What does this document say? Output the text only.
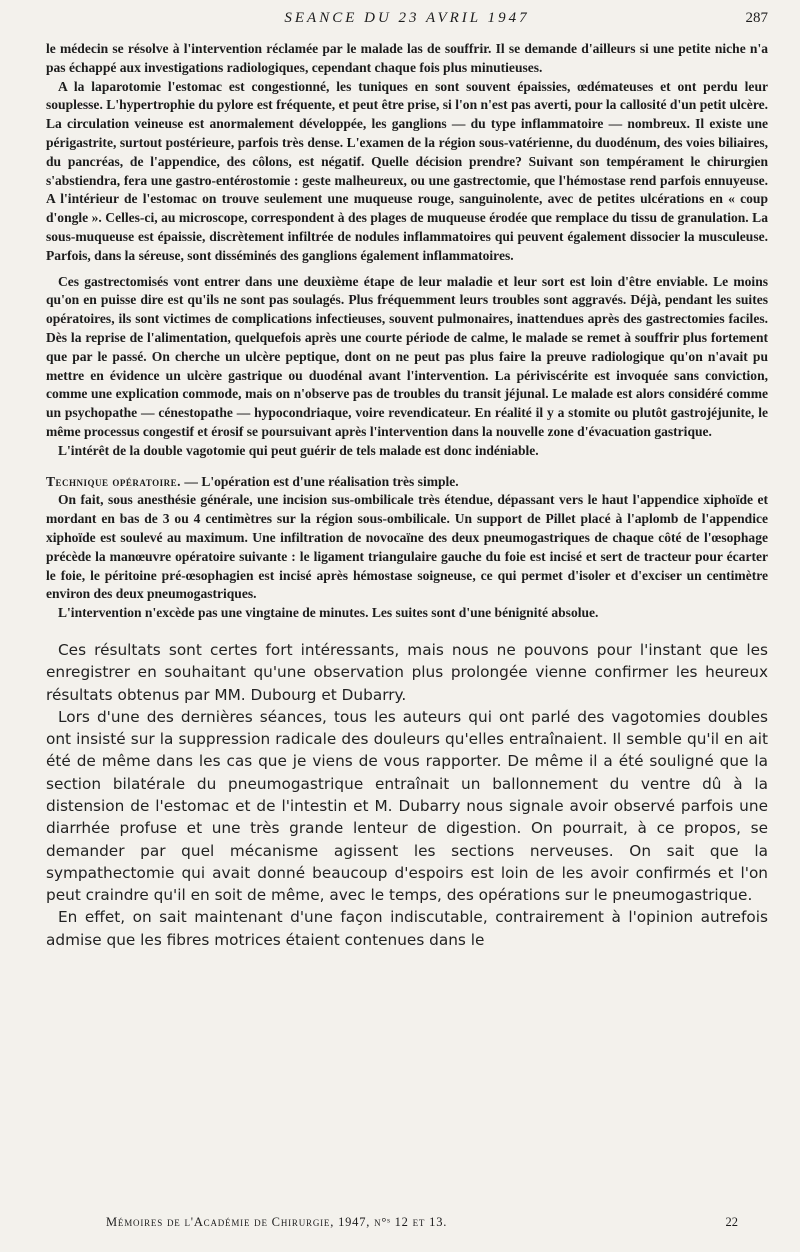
SEANCE DU 23 AVRIL 1947	287

le médecin se résolve à l'intervention réclamée par le malade las de souffrir. Il se demande d'ailleurs si une petite niche n'a pas échappé aux investigations radiologiques, cependant chaque fois plus minutieuses.

A la laparotomie l'estomac est congestionné, les tuniques en sont souvent épaissies, œdémateuses et ont perdu leur souplesse. L'hypertrophie du pylore est fréquente, et peut être prise, si l'on n'est pas averti, pour la callosité d'un petit ulcère. La circulation veineuse est anormalement développée, les ganglions — du type inflammatoire — nombreux. Il existe une périgastrite, surtout postérieure, parfois très dense. L'examen de la région sous-vatérienne, du duodénum, des voies biliaires, du pancréas, de l'appendice, des côlons, est négatif. Quelle décision prendre? Suivant son tempérament le chirurgien s'abstiendra, fera une gastro-entérostomie : geste malheureux, ou une gastrectomie, que l'hémostase rend parfois ennuyeuse. A l'intérieur de l'estomac on trouve seulement une muqueuse rouge, sanguinolente, avec de petites ulcérations en « coup d'ongle ». Celles-ci, au microscope, correspondent à des plages de muqueuse érodée que remplace du tissu de granulation. La sous-muqueuse est épaissie, discrètement infiltrée de nodules inflammatoires qui peuvent également dissocier la musculeuse. Parfois, dans la séreuse, sont disséminés des ganglions également inflammatoires.

Ces gastrectomisés vont entrer dans une deuxième étape de leur maladie et leur sort est loin d'être enviable. Le moins qu'on en puisse dire est qu'ils ne sont pas soulagés. Plus fréquemment leurs troubles sont aggravés. Déjà, pendant les suites opératoires, ils sont victimes de complications infectieuses, souvent pulmonaires, inattendues après des gastrectomies faciles. Dès la reprise de l'alimentation, quelquefois après une courte période de calme, le malade se remet à souffrir plus fortement que par le passé. On cherche un ulcère peptique, dont on ne peut pas plus faire la preuve radiologique qu'on n'avait pu mettre en évidence un ulcère gastrique ou duodénal avant l'intervention. La périviscérite est invoquée sans conviction, comme une explication commode, mais on n'observe pas de troubles du transit jéjunal. Le malade est alors considéré comme un psychopathe — cénestopathe — hypocondriaque, voire revendicateur. En réalité il y a stomite ou plutôt gastrojéjunite, le même processus congestif et érosif se poursuivant après l'intervention dans la nouvelle zone d'évacuation gastrique.

L'intérêt de la double vagotomie qui peut guérir de tels malade est donc indéniable.

Technique opératoire. — L'opération est d'une réalisation très simple.

On fait, sous anesthésie générale, une incision sus-ombilicale très étendue, dépassant vers le haut l'appendice xiphoïde et mordant en bas de 3 ou 4 centimètres sur la région sous-ombilicale. Un support de Pillet placé à l'aplomb de l'appendice xiphoïde est soulevé au maximum. Une infiltration de novocaïne des deux pneumogastriques de chaque côté de l'œsophage précède la manœuvre opératoire suivante : le ligament triangulaire gauche du foie est incisé et sert de tracteur pour écarter le foie, le péritoine pré-œsophagien est incisé après hémostase soigneuse, ce qui permet d'isoler et d'exciser un centimètre environ des deux pneumogastriques.

L'intervention n'excède pas une vingtaine de minutes. Les suites sont d'une bénignité absolue.

Ces résultats sont certes fort intéressants, mais nous ne pouvons pour l'instant que les enregistrer en souhaitant qu'une observation plus prolongée vienne confirmer les heureux résultats obtenus par MM. Dubourg et Dubarry.

Lors d'une des dernières séances, tous les auteurs qui ont parlé des vagotomies doubles ont insisté sur la suppression radicale des douleurs qu'elles entraînaient. Il semble qu'il en ait été de même dans les cas que je viens de vous rapporter. De même il a été souligné que la section bilatérale du pneumogastrique entraînait un ballonnement du ventre dû à la distension de l'estomac et de l'intestin et M. Dubarry nous signale avoir observé parfois une diarrhée profuse et une très grande lenteur de digestion. On pourrait, à ce propos, se demander par quel mécanisme agissent les sections nerveuses. On sait que la sympathectomie qui avait donné beaucoup d'espoirs est loin de les avoir confirmés et l'on peut craindre qu'il en soit de même, avec le temps, des opérations sur le pneumogastrique.

En effet, on sait maintenant d'une façon indiscutable, contrairement à l'opinion autrefois admise que les fibres motrices étaient contenues dans le

Mémoires de l'Académie de Chirurgie, 1947, n°ˢ 12 et 13.	22
